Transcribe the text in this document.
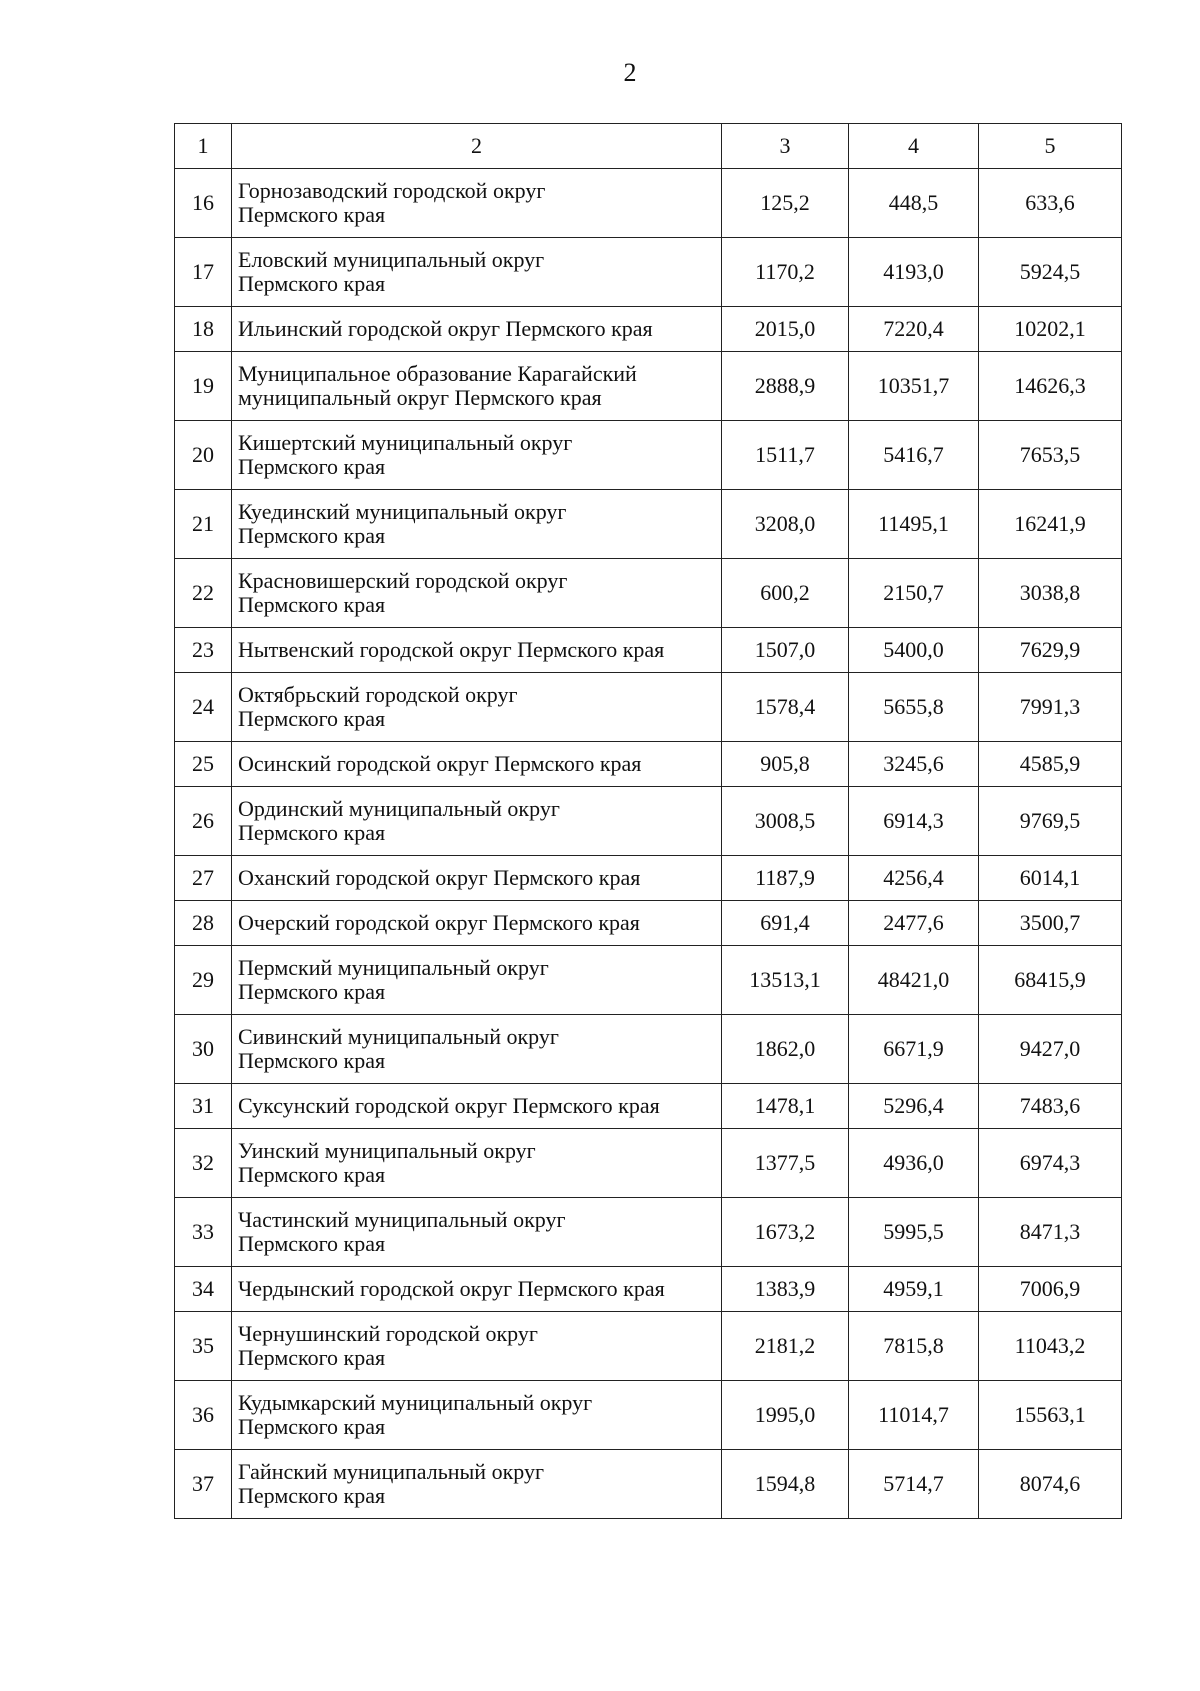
2
1	2	3	4	5
16	Горнозаводский городской округ
Пермского края	125,2	448,5	633,6
17	Еловский муниципальный округ
Пермского края	1170,2	4193,0	5924,5
18	Ильинский городской округ Пермского края	2015,0	7220,4	10202,1
19	Муниципальное образование Карагайский
муниципальный округ Пермского края	2888,9	10351,7	14626,3
20	Кишертский муниципальный округ
Пермского края	1511,7	5416,7	7653,5
21	Куединский муниципальный округ
Пермского края	3208,0	11495,1	16241,9
22	Красновишерский городской округ
Пермского края	600,2	2150,7	3038,8
23	Нытвенский городской округ Пермского края	1507,0	5400,0	7629,9
24	Октябрьский городской округ
Пермского края	1578,4	5655,8	7991,3
25	Осинский городской округ Пермского края	905,8	3245,6	4585,9
26	Ординский муниципальный округ
Пермского края	3008,5	6914,3	9769,5
27	Оханский городской округ Пермского края	1187,9	4256,4	6014,1
28	Очерский городской округ Пермского края	691,4	2477,6	3500,7
29	Пермский муниципальный округ
Пермского края	13513,1	48421,0	68415,9
30	Сивинский муниципальный округ
Пермского края	1862,0	6671,9	9427,0
31	Суксунский городской округ Пермского края	1478,1	5296,4	7483,6
32	Уинский муниципальный округ
Пермского края	1377,5	4936,0	6974,3
33	Частинский муниципальный округ
Пермского края	1673,2	5995,5	8471,3
34	Чердынский городской округ Пермского края	1383,9	4959,1	7006,9
35	Чернушинский городской округ
Пермского края	2181,2	7815,8	11043,2
36	Кудымкарский муниципальный округ
Пермского края	1995,0	11014,7	15563,1
37	Гайнский муниципальный округ
Пермского края	1594,8	5714,7	8074,6
